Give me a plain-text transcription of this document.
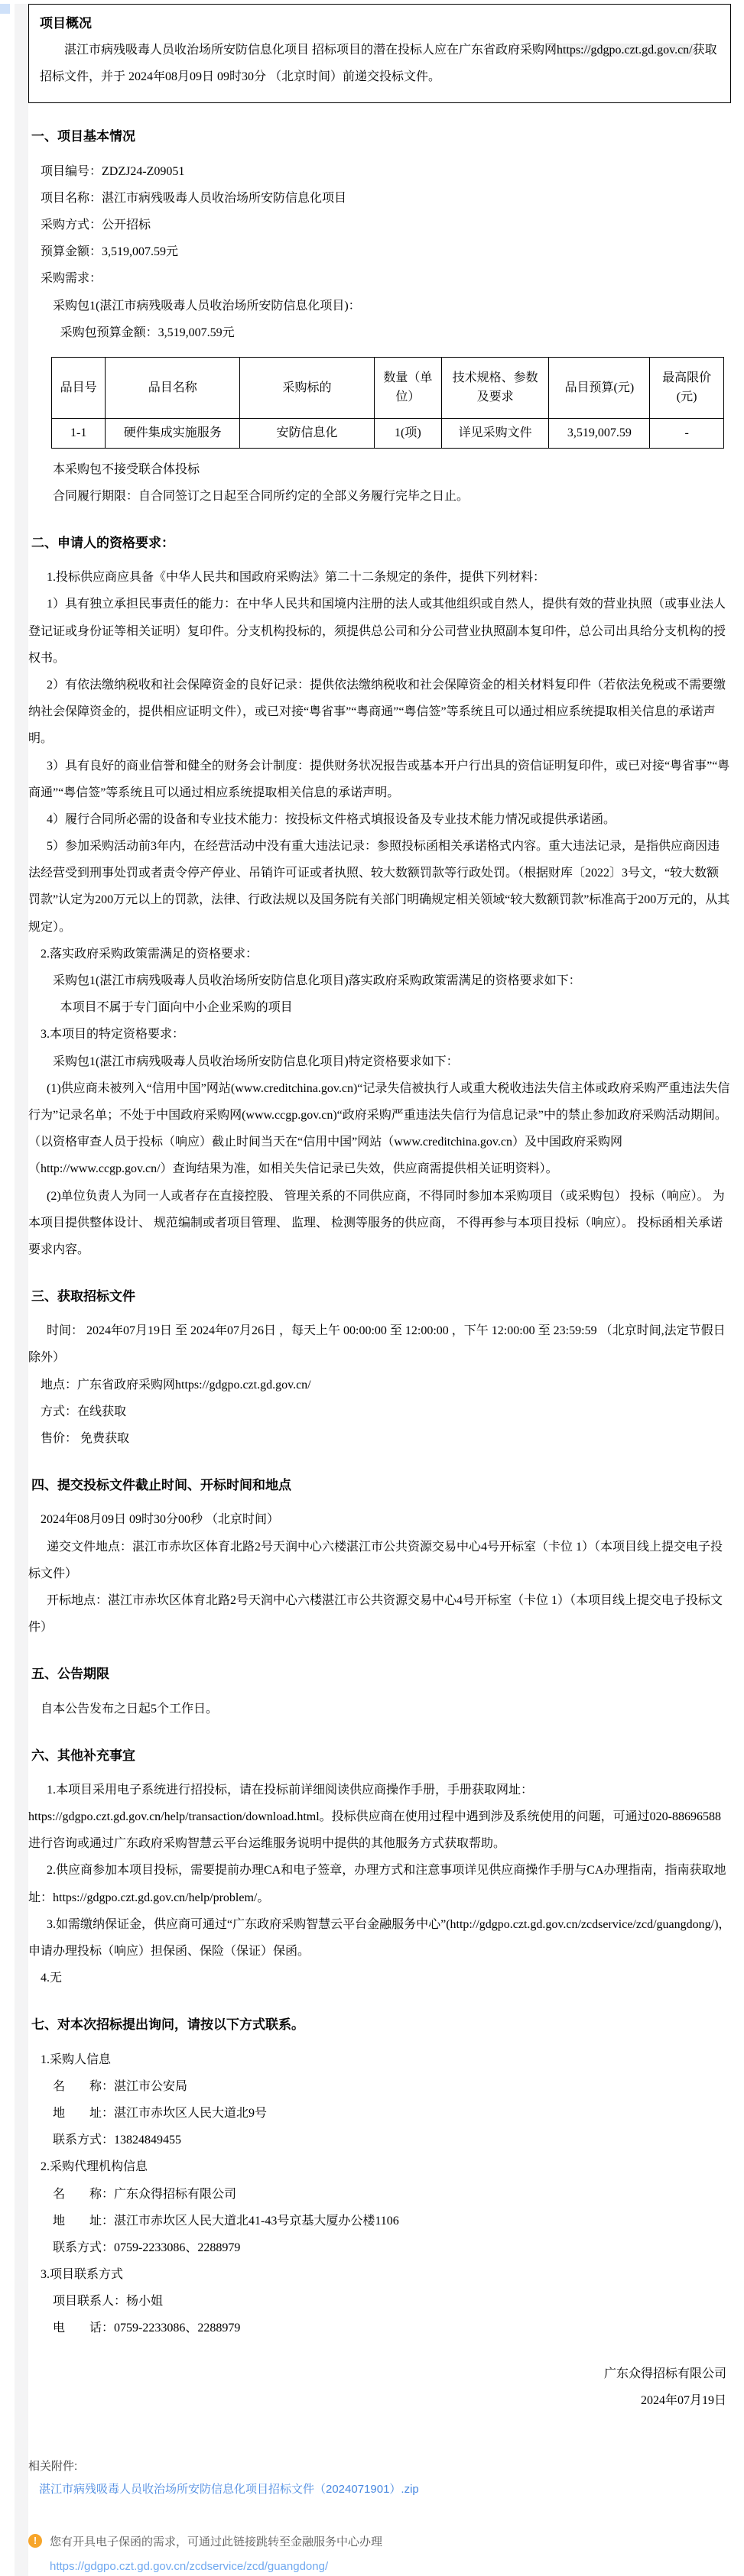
项目概况

湛江市病残吸毒人员收治场所安防信息化项目 招标项目的潜在投标人应在广东省政府采购网https://gdgpo.czt.gd.gov.cn/获取招标文件，并于 2024年08月09日 09时30分 （北京时间）前递交投标文件。

一、项目基本情况

项目编号：ZDZJ24-Z09051

项目名称：湛江市病残吸毒人员收治场所安防信息化项目

采购方式：公开招标

预算金额：3,519,007.59元

采购需求：

采购包1(湛江市病残吸毒人员收治场所安防信息化项目)：

采购包预算金额：3,519,007.59元

品目号	品目名称	采购标的	数量（单位）	技术规格、参数及要求	品目预算(元)	最高限价(元)
1-1	硬件集成实施服务	安防信息化	1(项)	详见采购文件	3,519,007.59	-

本采购包不接受联合体投标

合同履行期限：自合同签订之日起至合同所约定的全部义务履行完毕之日止。

二、申请人的资格要求：

1.投标供应商应具备《中华人民共和国政府采购法》第二十二条规定的条件，提供下列材料：

1）具有独立承担民事责任的能力：在中华人民共和国境内注册的法人或其他组织或自然人，提供有效的营业执照（或事业法人登记证或身份证等相关证明）复印件。分支机构投标的，须提供总公司和分公司营业执照副本复印件，总公司出具给分支机构的授权书。

2）有依法缴纳税收和社会保障资金的良好记录：提供依法缴纳税收和社会保障资金的相关材料复印件（若依法免税或不需要缴纳社会保障资金的，提供相应证明文件），或已对接“粤省事”“粤商通”“粤信签”等系统且可以通过相应系统提取相关信息的承诺声明。

3）具有良好的商业信誉和健全的财务会计制度：提供财务状况报告或基本开户行出具的资信证明复印件，或已对接“粤省事”“粤商通”“粤信签”等系统且可以通过相应系统提取相关信息的承诺声明。

4）履行合同所必需的设备和专业技术能力：按投标文件格式填报设备及专业技术能力情况或提供承诺函。

5）参加采购活动前3年内，在经营活动中没有重大违法记录：参照投标函相关承诺格式内容。重大违法记录，是指供应商因违法经营受到刑事处罚或者责令停产停业、吊销许可证或者执照、较大数额罚款等行政处罚。（根据财库〔2022〕3号文，“较大数额罚款”认定为200万元以上的罚款，法律、行政法规以及国务院有关部门明确规定相关领域“较大数额罚款”标准高于200万元的，从其规定）。

2.落实政府采购政策需满足的资格要求：

采购包1(湛江市病残吸毒人员收治场所安防信息化项目)落实政府采购政策需满足的资格要求如下：

本项目不属于专门面向中小企业采购的项目

3.本项目的特定资格要求：

采购包1(湛江市病残吸毒人员收治场所安防信息化项目)特定资格要求如下：

(1)供应商未被列入“信用中国”网站(www.creditchina.gov.cn)“记录失信被执行人或重大税收违法失信主体或政府采购严重违法失信行为”记录名单；不处于中国政府采购网(www.ccgp.gov.cn)“政府采购严重违法失信行为信息记录”中的禁止参加政府采购活动期间。（以资格审查人员于投标（响应）截止时间当天在“信用中国”网站（www.creditchina.gov.cn）及中国政府采购网（http://www.ccgp.gov.cn/）查询结果为准，如相关失信记录已失效，供应商需提供相关证明资料）。

(2)单位负责人为同一人或者存在直接控股、 管理关系的不同供应商，不得同时参加本采购项目（或采购包） 投标（响应）。 为本项目提供整体设计、 规范编制或者项目管理、 监理、 检测等服务的供应商， 不得再参与本项目投标（响应）。 投标函相关承诺要求内容。

三、获取招标文件

时间： 2024年07月19日 至 2024年07月26日 ，每天上午 00:00:00 至 12:00:00 ，下午 12:00:00 至 23:59:59 （北京时间,法定节假日除外）

地点：广东省政府采购网https://gdgpo.czt.gd.gov.cn/

方式：在线获取

售价： 免费获取

四、提交投标文件截止时间、开标时间和地点

2024年08月09日 09时30分00秒 （北京时间）

递交文件地点：湛江市赤坎区体育北路2号天润中心六楼湛江市公共资源交易中心4号开标室（卡位 1）（本项目线上提交电子投标文件）

开标地点：湛江市赤坎区体育北路2号天润中心六楼湛江市公共资源交易中心4号开标室（卡位 1）（本项目线上提交电子投标文件）

五、公告期限

自本公告发布之日起5个工作日。

六、其他补充事宜

1.本项目采用电子系统进行招投标，请在投标前详细阅读供应商操作手册，手册获取网址：https://gdgpo.czt.gd.gov.cn/help/transaction/download.html。投标供应商在使用过程中遇到涉及系统使用的问题，可通过020-88696588 进行咨询或通过广东政府采购智慧云平台运维服务说明中提供的其他服务方式获取帮助。

2.供应商参加本项目投标，需要提前办理CA和电子签章，办理方式和注意事项详见供应商操作手册与CA办理指南，指南获取地址：https://gdgpo.czt.gd.gov.cn/help/problem/。

3.如需缴纳保证金，供应商可通过“广东政府采购智慧云平台金融服务中心”(http://gdgpo.czt.gd.gov.cn/zcdservice/zcd/guangdong/)，申请办理投标（响应）担保函、保险（保证）保函。

4.无

七、对本次招标提出询问，请按以下方式联系。

1.采购人信息

名　　称：湛江市公安局

地　　址：湛江市赤坎区人民大道北9号

联系方式：13824849455

2.采购代理机构信息

名　　称：广东众得招标有限公司

地　　址：湛江市赤坎区人民大道北41-43号京基大厦办公楼1106

联系方式：0759-2233086、2288979

3.项目联系方式

项目联系人：杨小姐

电　　话：0759-2233086、2288979

广东众得招标有限公司

2024年07月19日

相关附件:
湛江市病残吸毒人员收治场所安防信息化项目招标文件（2024071901）.zip
!	您有开具电子保函的需求，可通过此链接跳转至金融服务中心办理
https://gdgpo.czt.gd.gov.cn/zcdservice/zcd/guangdong/
